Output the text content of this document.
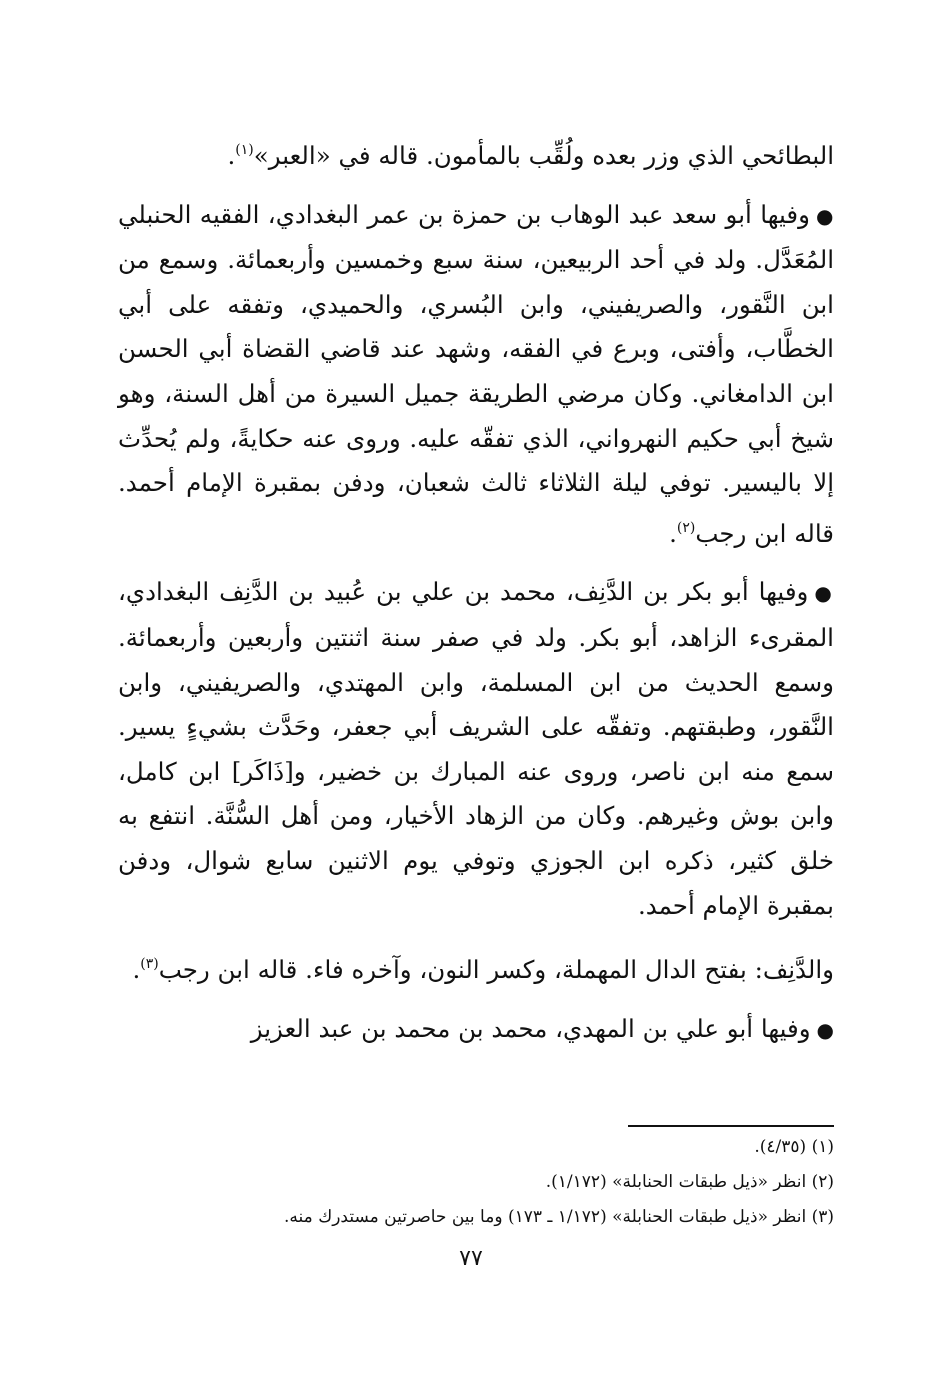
البطائحي الذي وزر بعده ولُقِّب بالمأمون. قاله في «العبر»$^{(١)}$.

●وفيها أبو سعد عبد الوهاب بن حمزة بن عمر البغدادي، الفقيه الحنبلي المُعَدَّل. ولد في أحد الربيعين، سنة سبع وخمسين وأربعمائة. وسمع من ابن النَّقور، والصريفيني، وابن البُسري، والحميدي، وتفقه على أبي الخطَّاب، وأفتى، وبرع في الفقه، وشهد عند قاضي القضاة أبي الحسن ابن الدامغاني. وكان مرضي الطريقة جميل السيرة من أهل السنة، وهو شيخ أبي حكيم النهرواني، الذي تفقّه عليه. وروى عنه حكايةً، ولم يُحدِّث إلا باليسير. توفي ليلة الثلاثاء ثالث شعبان، ودفن بمقبرة الإمام أحمد. قاله ابن رجب$^{(٢)}$.

●وفيها أبو بكر بن الدَّنِف، محمد بن علي بن عُبيد بن الدَّنِف البغدادي، المقرىء الزاهد، أبو بكر. ولد في صفر سنة اثنتين وأربعين وأربعمائة. وسمع الحديث من ابن المسلمة، وابن المهتدي، والصريفيني، وابن النَّقور، وطبقتهم. وتفقّه على الشريف أبي جعفر، وحَدَّث بشيءٍ يسير. سمع منه ابن ناصر، وروى عنه المبارك بن خضير، و[ذَاكَر] ابن كامل، وابن بوش وغيرهم. وكان من الزهاد الأخيار، ومن أهل السُّنَّة. انتفع به خلق كثير، ذكره ابن الجوزي وتوفي يوم الاثنين سابع شوال، ودفن بمقبرة الإمام أحمد.

والدَّنِف: بفتح الدال المهملة، وكسر النون، وآخره فاء. قاله ابن رجب$^{(٣)}$.

●وفيها أبو علي بن المهدي، محمد بن محمد بن عبد العزيز

(١) (٤/٣٥).

(٢) انظر «ذيل طبقات الحنابلة» (١/١٧٢).

(٣) انظر «ذيل طبقات الحنابلة» (١/١٧٢ ـ ١٧٣) وما بين حاصرتين مستدرك منه.

٧٧
